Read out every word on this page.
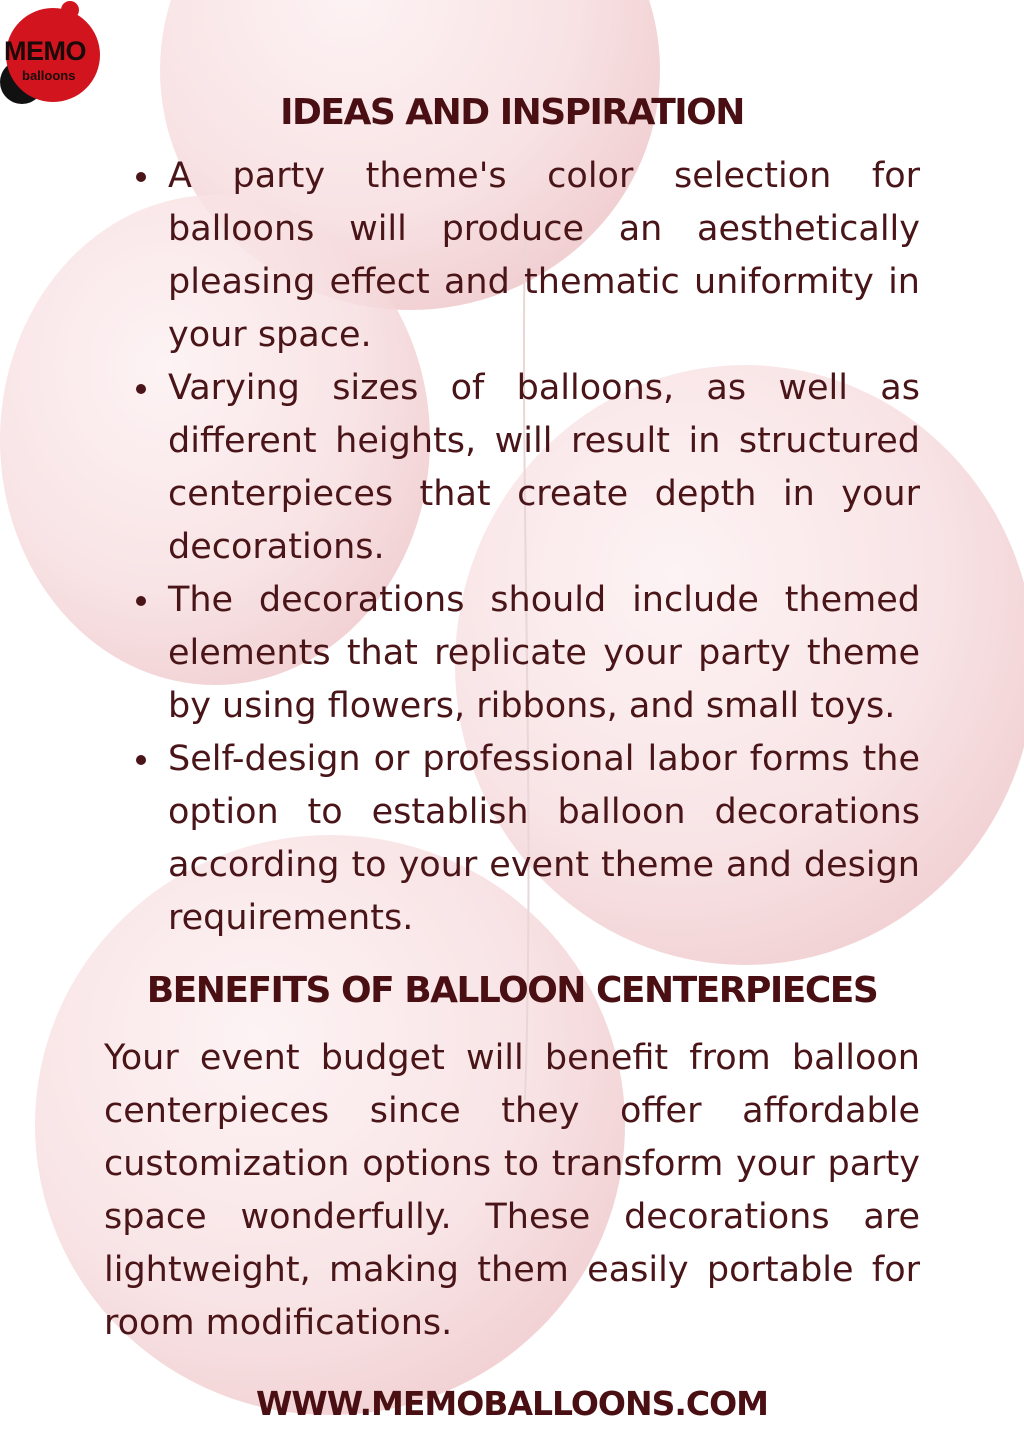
MEMO
balloons
IDEAS AND INSPIRATION
A party theme's color selection for balloons will produce an aesthetically pleasing effect and thematic uniformity in your space.
Varying sizes of balloons, as well as different heights, will result in structured centerpieces that create depth in your decorations.
The decorations should include themed elements that replicate your party theme by using flowers, ribbons, and small toys.
Self-design or professional labor forms the option to establish balloon decorations according to your event theme and design requirements.
BENEFITS OF BALLOON CENTERPIECES

Your event budget will benefit from balloon centerpieces since they offer affordable customization options to transform your party space wonderfully. These decorations are lightweight, making them easily portable for room modifications.

WWW.MEMOBALLOONS.COM
